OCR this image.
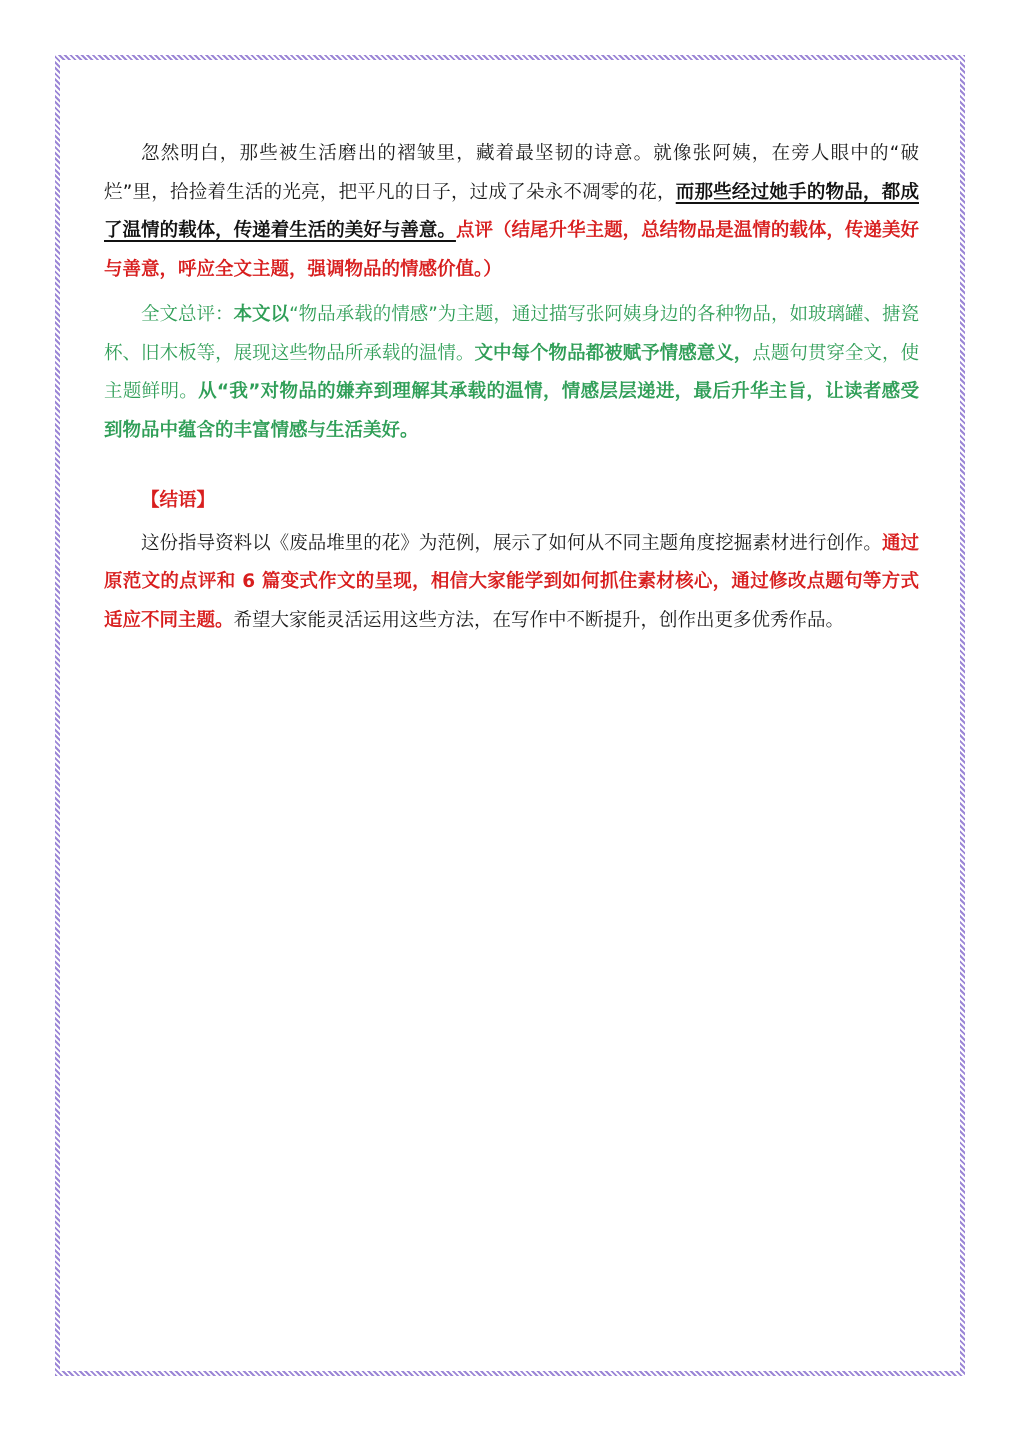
忽然明白，那些被生活磨出的褶皱里，藏着最坚韧的诗意。就像张阿姨，在旁人眼中的“破烂”里，拾捡着生活的光亮，把平凡的日子，过成了朵永不凋零的花，而那些经过她手的物品，都成了温情的载体，传递着生活的美好与善意。点评（结尾升华主题，总结物品是温情的载体，传递美好与善意，呼应全文主题，强调物品的情感价值。）

全文总评：本文以“物品承载的情感”为主题，通过描写张阿姨身边的各种物品，如玻璃罐、搪瓷杯、旧木板等，展现这些物品所承载的温情。文中每个物品都被赋予情感意义，点题句贯穿全文，使主题鲜明。从“我”对物品的嫌弃到理解其承载的温情，情感层层递进，最后升华主旨，让读者感受到物品中蕴含的丰富情感与生活美好。

【结语】

这份指导资料以《废品堆里的花》为范例，展示了如何从不同主题角度挖掘素材进行创作。通过原范文的点评和 6 篇变式作文的呈现，相信大家能学到如何抓住素材核心，通过修改点题句等方式适应不同主题。希望大家能灵活运用这些方法，在写作中不断提升，创作出更多优秀作品。
